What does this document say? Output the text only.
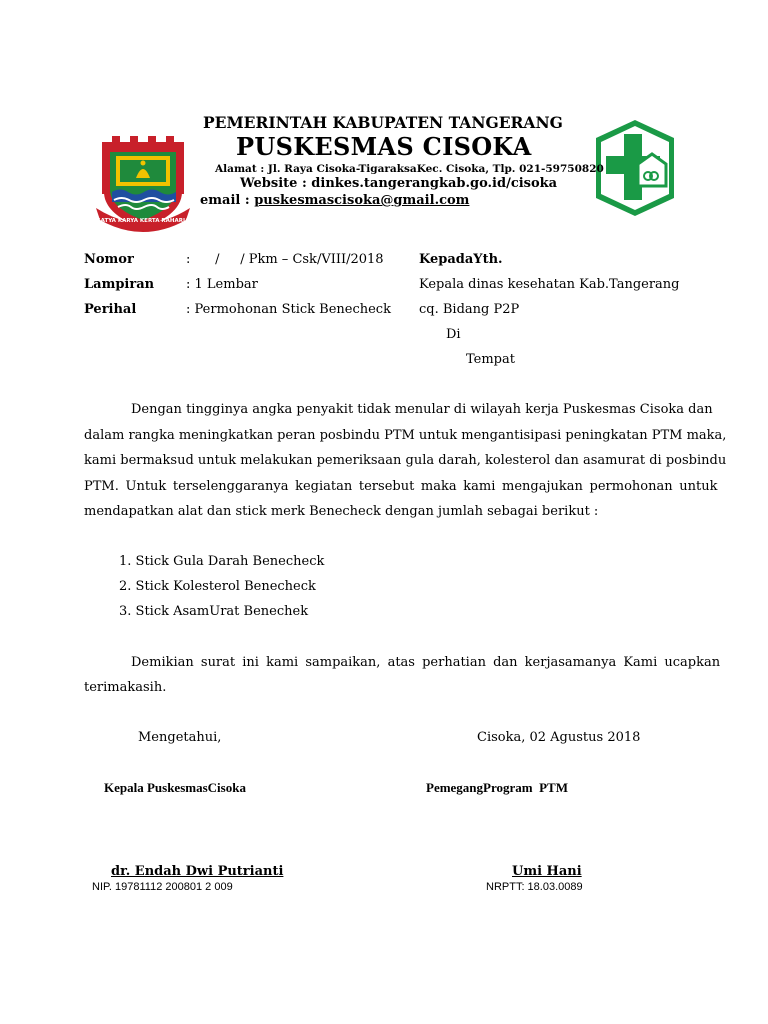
SATYA KARYA KERTA RAHARJA
PEMERINTAH KABUPATEN TANGERANG
PUSKESMAS CISOKA
Alamat : Jl. Raya Cisoka-TigaraksaKec. Cisoka, Tlp. 021-59750820
Website : dinkes.tangerangkab.go.id/cisoka
email : puskesmascisoka@gmail.com
Nomor	:      /     / Pkm – Csk/VIII/2018
Lampiran : 1 Lembar
Perihal	: Permohonan Stick Benecheck
KepadaYth.
Kepala dinas kesehatan Kab.Tangerang
cq. Bidang P2P
Di
Tempat
Dengan tingginya angka penyakit tidak menular di wilayah kerja Puskesmas Cisoka dan
dalam rangka meningkatkan peran posbindu PTM untuk mengantisipasi peningkatan PTM maka,
kami bermaksud untuk melakukan pemeriksaan gula darah, kolesterol dan asamurat di posbindu
PTM. Untuk terselenggaranya kegiatan tersebut maka kami mengajukan permohonan untuk
mendapatkan alat dan stick merk Benecheck dengan jumlah sebagai berikut :
1. Stick Gula Darah Benecheck
2. Stick Kolesterol Benecheck
3. Stick AsamUrat Benechek
Demikian surat ini kami sampaikan, atas perhatian dan kerjasamanya Kami ucapkan
terimakasih.
Mengetahui,	Cisoka, 02 Agustus 2018
Kepala PuskesmasCisoka	PemegangProgram  PTM
dr. Endah Dwi Putrianti
NIP. 19781112 200801 2 009
Umi Hani
NRPTT: 18.03.0089
